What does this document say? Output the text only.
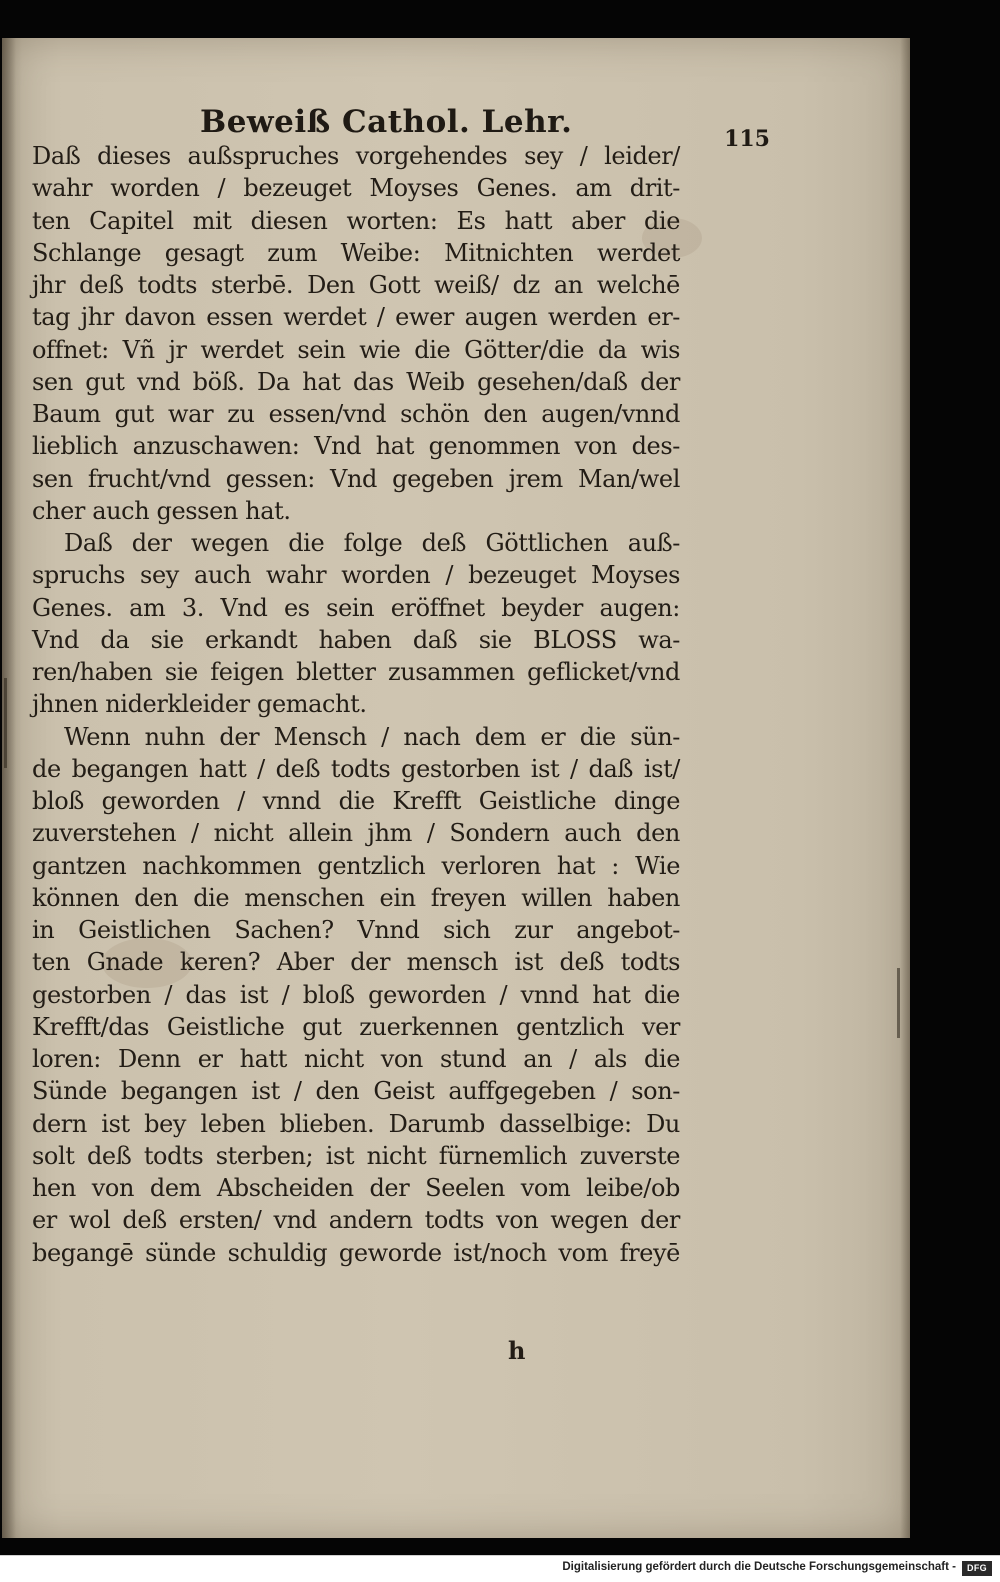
Beweiß Cathol. Lehr.	115
Daß dieses außspruches vorgehendes sey / leider/
wahr worden / bezeuget Moyses Genes. am drit-
ten Capitel mit diesen worten: Es hatt aber die
Schlange gesagt zum Weibe: Mitnichten werdet
jhr deß todts sterbē. Den Gott weiß/ dz an welchē
tag jhr davon essen werdet / ewer augen werden er-
offnet: Vñ jr werdet sein wie die Götter/die da wis
sen gut vnd böß. Da hat das Weib gesehen/daß der
Baum gut war zu essen/vnd schön den augen/vnnd
lieblich anzuschawen: Vnd hat genommen von des-
sen frucht/vnd gessen: Vnd gegeben jrem Man/wel
cher auch gessen hat.
Daß der wegen die folge deß Göttlichen auß-
spruchs sey auch wahr worden / bezeuget Moyses
Genes. am 3. Vnd es sein eröffnet beyder augen:
Vnd da sie erkandt haben daß sie BLOSS wa-
ren/haben sie feigen bletter zusammen geflicket/vnd
jhnen niderkleider gemacht.
Wenn nuhn der Mensch / nach dem er die sün-
de begangen hatt / deß todts gestorben ist / daß ist/
bloß geworden / vnnd die Krefft Geistliche dinge
zuverstehen / nicht allein jhm / Sondern auch den
gantzen nachkommen gentzlich verloren hat : Wie
können den die menschen ein freyen willen haben
in Geistlichen Sachen? Vnnd sich zur angebot-
ten Gnade keren? Aber der mensch ist deß todts
gestorben / das ist / bloß geworden / vnnd hat die
Krefft/das Geistliche gut zuerkennen gentzlich ver
loren: Denn er hatt nicht von stund an / als die
Sünde begangen ist / den Geist auffgegeben / son-
dern ist bey leben blieben. Darumb dasselbige: Du
solt deß todts sterben; ist nicht fürnemlich zuverste
hen von dem Abscheiden der Seelen vom leibe/ob
er wol deß ersten/ vnd andern todts von wegen der
begangē sünde schuldig geworde ist/noch vom freyē
h
Digitalisierung gefördert durch die Deutsche Forschungsgemeinschaft -	DFG
